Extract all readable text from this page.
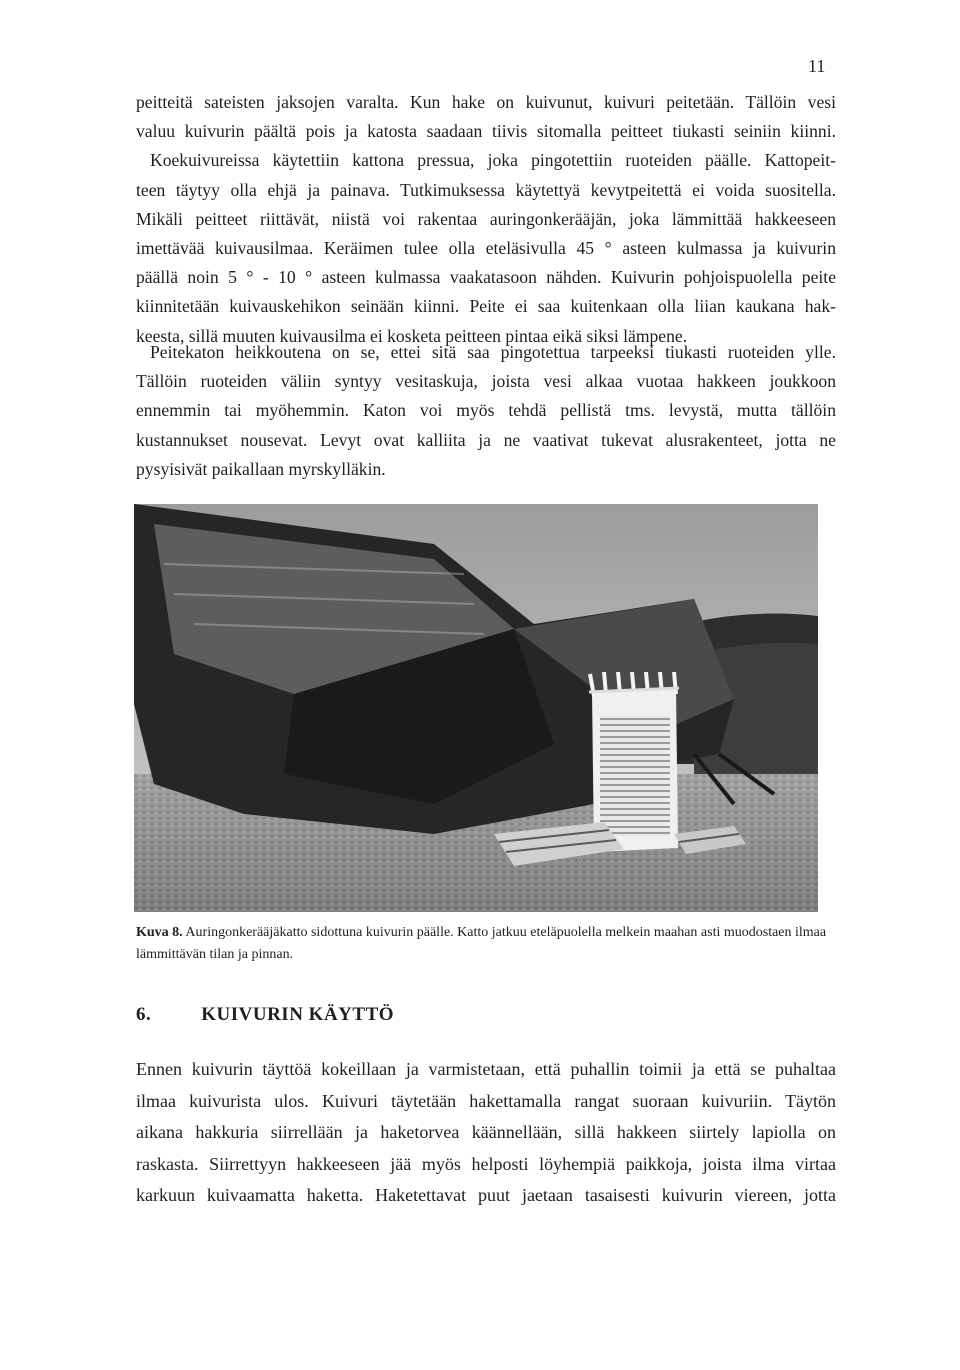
11
peitteitä sateisten jaksojen varalta. Kun hake on kuivunut, kuivuri peitetään. Tällöin vesi
valuu kuivurin päältä pois ja katosta saadaan tiivis sitomalla peitteet tiukasti seiniin kiinni.
Koekuivureissa käytettiin kattona pressua, joka pingotettiin ruoteiden päälle. Kattopeit-
teen täytyy olla ehjä ja painava. Tutkimuksessa käytettyä kevytpeitettä ei voida suositella.
Mikäli peitteet riittävät, niistä voi rakentaa auringonkerääjän, joka lämmittää hakkeeseen
imettävää kuivausilmaa. Keräimen tulee olla eteläsivulla 45 ° asteen kulmassa ja kuivurin
päällä noin 5 ° - 10 ° asteen kulmassa vaakatasoon nähden. Kuivurin pohjoispuolella peite
kiinnitetään kuivauskehikon seinään kiinni. Peite ei saa kuitenkaan olla liian kaukana hak-
keesta, sillä muuten kuivausilma ei kosketa peitteen pintaa eikä siksi lämpene.
Peitekaton heikkoutena on se, ettei sitä saa pingotettua tarpeeksi tiukasti ruoteiden ylle.
Tällöin ruoteiden väliin syntyy vesitaskuja, joista vesi alkaa vuotaa hakkeen joukkoon
ennemmin tai myöhemmin. Katon voi myös tehdä pellistä tms. levystä, mutta tällöin
kustannukset nousevat. Levyt ovat kalliita ja ne vaativat tukevat alusrakenteet, jotta ne
pysyisivät paikallaan myrskylläkin.
Kuva 8. Auringonkerääjäkatto sidottuna kuivurin päälle. Katto jatkuu eteläpuolella melkein maahan asti muodostaen ilmaa lämmittävän tilan ja pinnan.
6.	KUIVURIN KÄYTTÖ
Ennen kuivurin täyttöä kokeillaan ja varmistetaan, että puhallin toimii ja että se puhaltaa
ilmaa kuivurista ulos. Kuivuri täytetään hakettamalla rangat suoraan kuivuriin. Täytön
aikana hakkuria siirrellään ja haketorvea käännellään, sillä hakkeen siirtely lapiolla on
raskasta. Siirrettyyn hakkeeseen jää myös helposti löyhempiä paikkoja, joista ilma virtaa
karkuun kuivaamatta haketta. Haketettavat puut jaetaan tasaisesti kuivurin viereen, jotta
